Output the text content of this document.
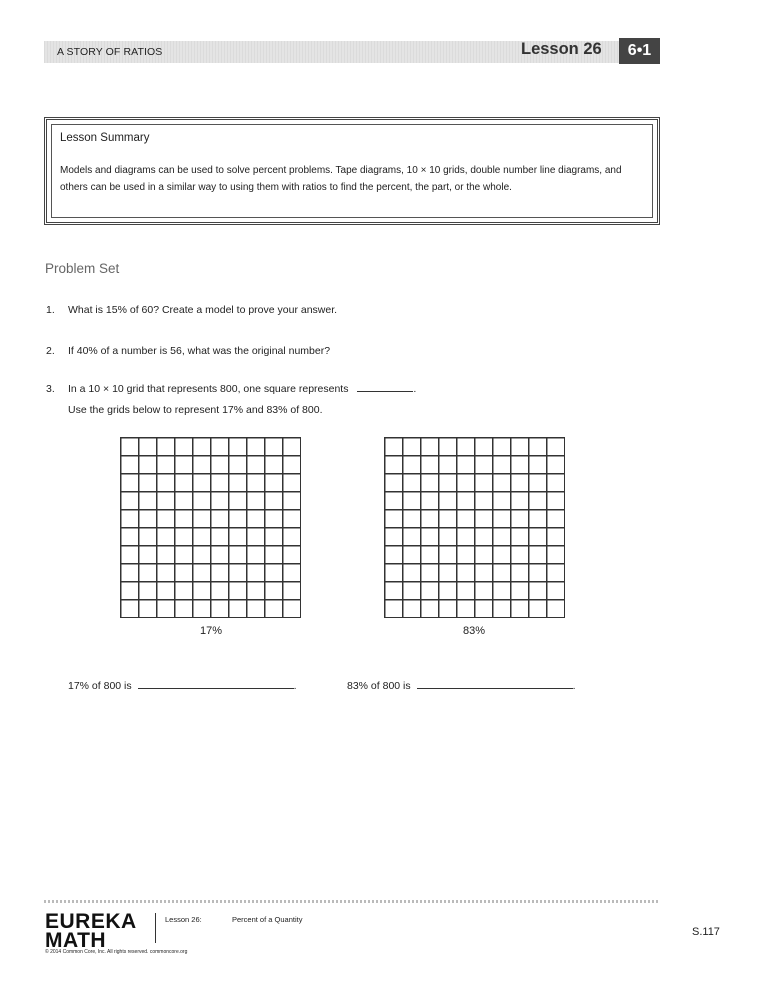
A STORY OF RATIOS	Lesson 26	6•1
Lesson Summary
Models and diagrams can be used to solve percent problems. Tape diagrams, 10 × 10 grids, double number line diagrams, and others can be used in a similar way to using them with ratios to find the percent, the part, or the whole.
Problem Set
1. What is 15% of 60? Create a model to prove your answer.
2. If 40% of a number is 56, what was the original number?
3. In a 10 × 10 grid that represents 800, one square represents	.
Use the grids below to represent 17% and 83% of 800.
17%	83%
17% of 800 is	.	83% of 800 is	.
EUREKA
MATH
Lesson 26:	Percent of a Quantity
© 2014 Common Core, Inc. All rights reserved. commoncore.org
S.117
